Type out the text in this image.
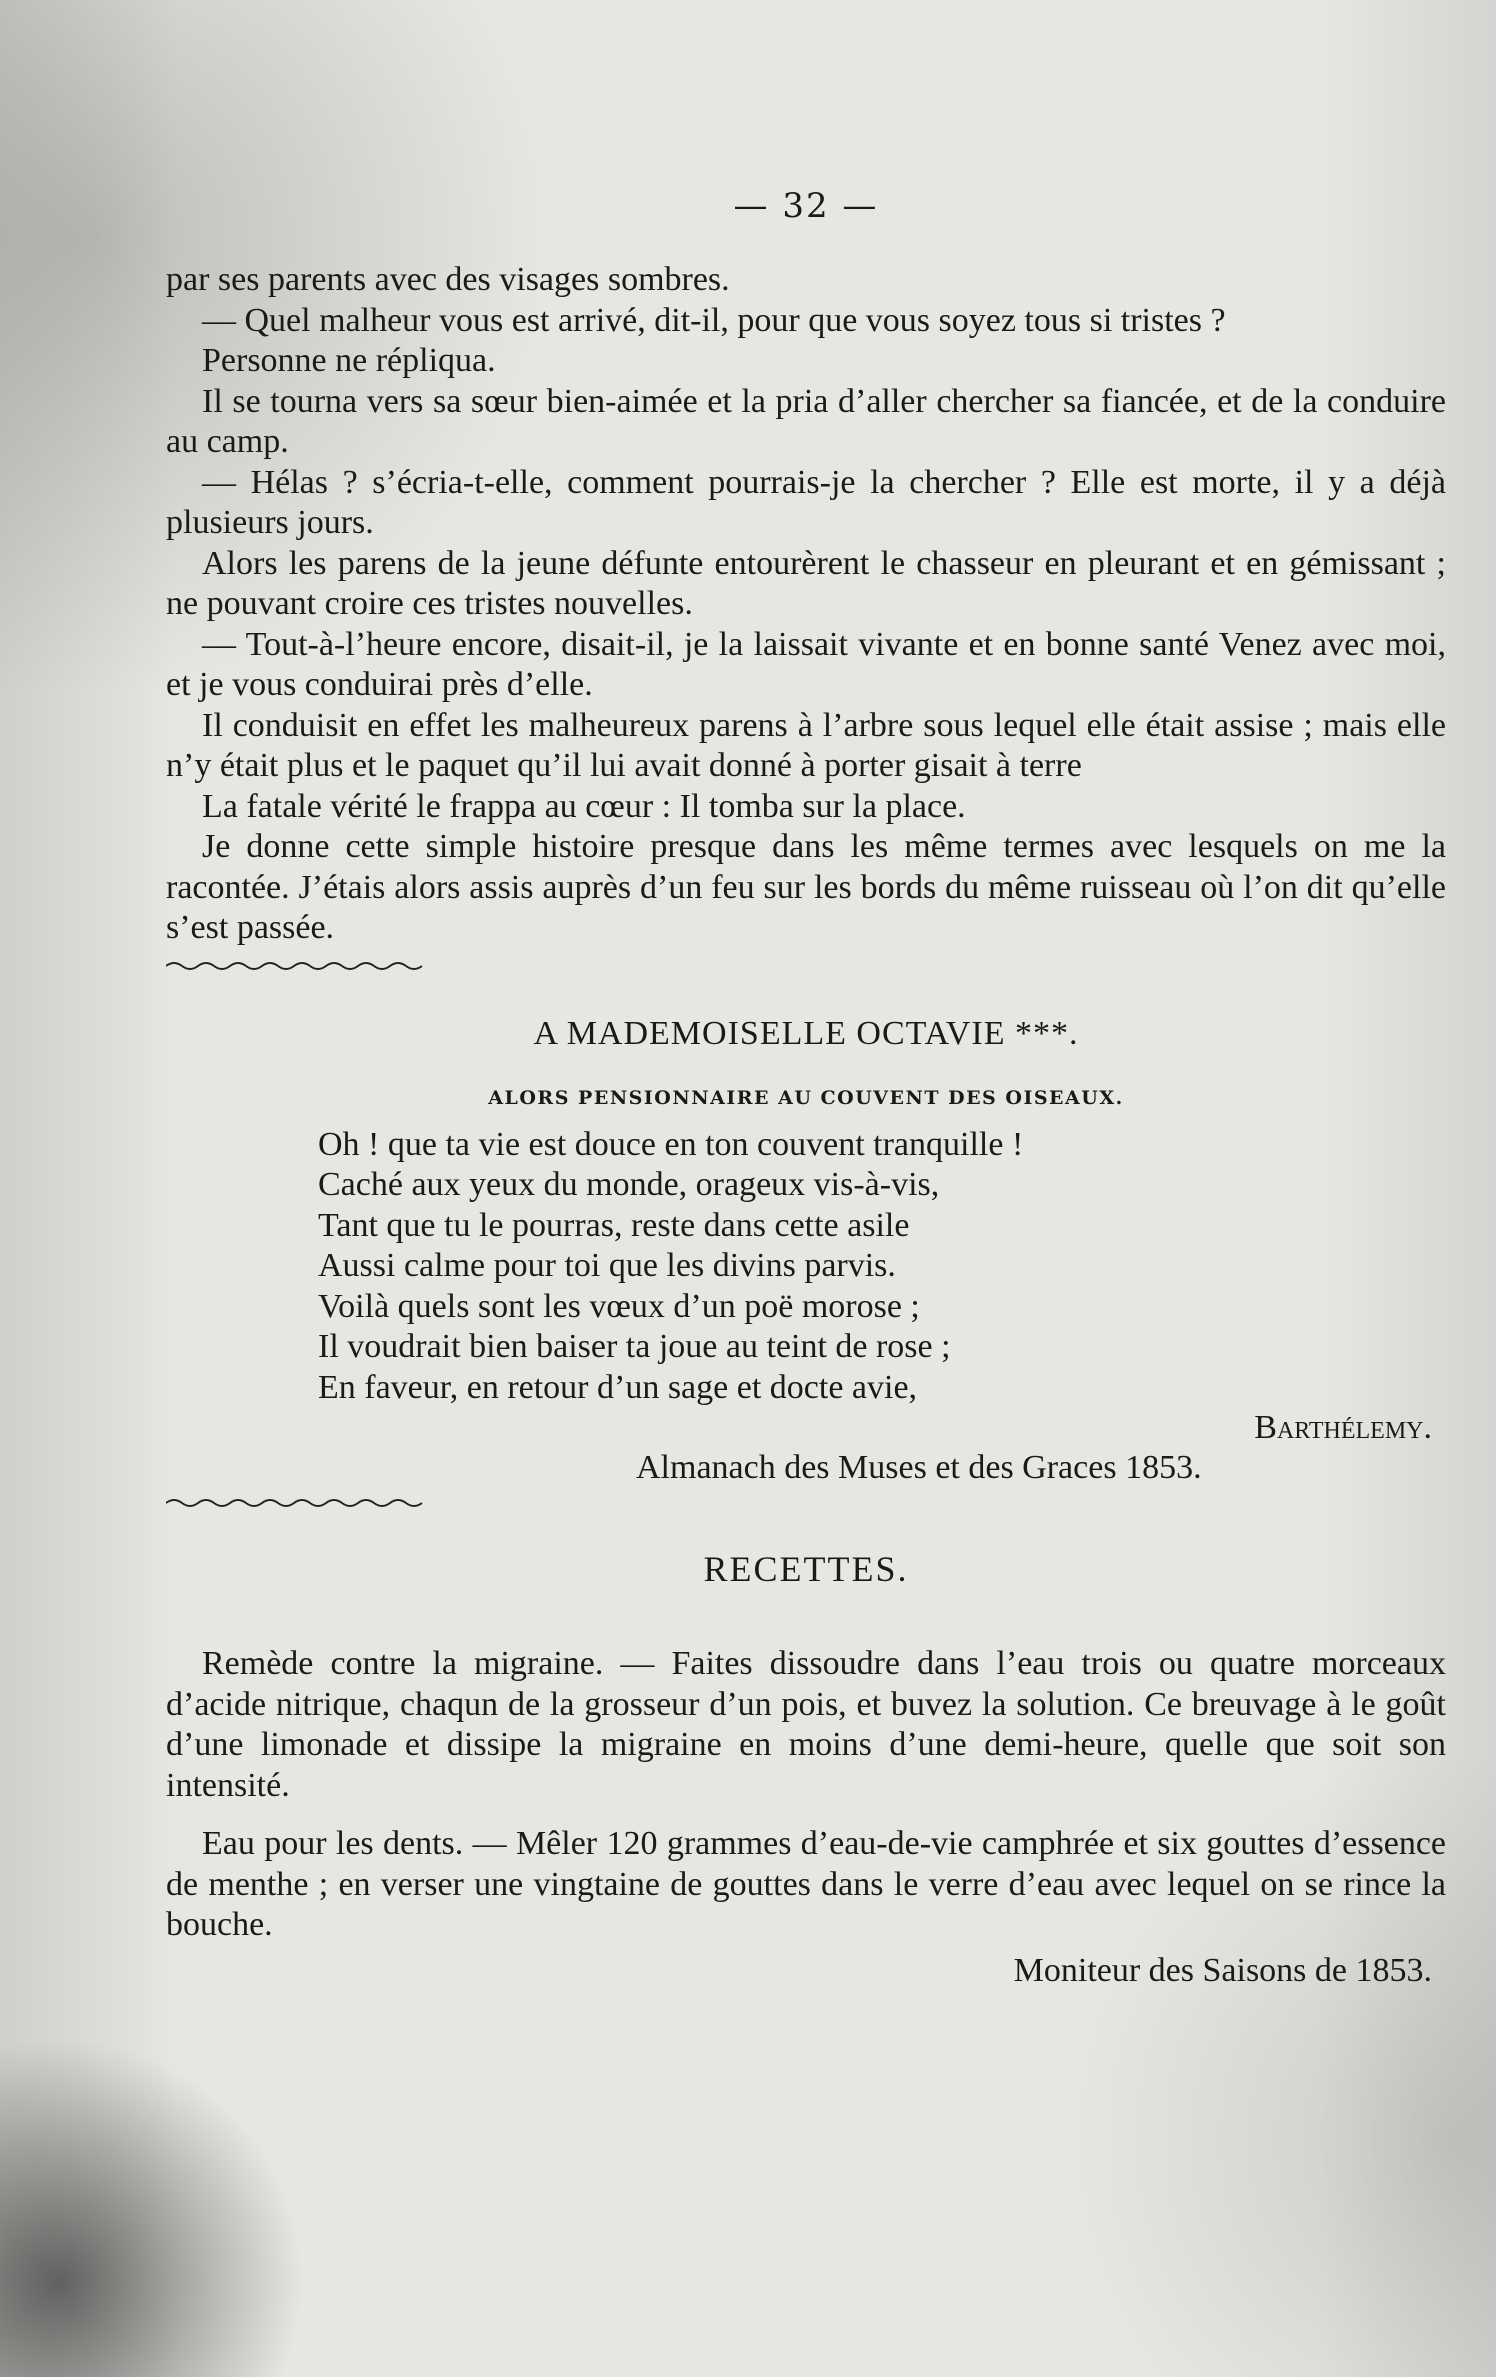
— 32 —

par ses parents avec des visages sombres.

— Quel malheur vous est arrivé, dit-il, pour que vous soyez tous si tristes ?

Personne ne répliqua.

Il se tourna vers sa sœur bien-aimée et la pria d’aller chercher sa fiancée, et de la conduire au camp.

— Hélas ? s’écria-t-elle, comment pourrais-je la chercher ? Elle est morte, il y a déjà plusieurs jours.

Alors les parens de la jeune défunte entourèrent le chasseur en pleurant et en gémissant ; ne pouvant croire ces tristes nouvelles.

— Tout-à-l’heure encore, disait-il, je la laissait vivante et en bonne santé Venez avec moi, et je vous conduirai près d’elle.

Il conduisit en effet les malheureux parens à l’arbre sous lequel elle était assise ; mais elle n’y était plus et le paquet qu’il lui avait donné à porter gisait à terre

La fatale vérité le frappa au cœur : Il tomba sur la place.

Je donne cette simple histoire presque dans les même termes avec lesquels on me la racontée. J’étais alors assis auprès d’un feu sur les bords du même ruisseau où l’on dit qu’elle s’est passée.

A MADEMOISELLE OCTAVIE ***.
ALORS PENSIONNAIRE AU COUVENT DES OISEAUX.

Oh ! que ta vie est douce en ton couvent tranquille !

Caché aux yeux du monde, orageux vis-à-vis,

Tant que tu le pourras, reste dans cette asile

Aussi calme pour toi que les divins parvis.

Voilà quels sont les vœux d’un poë morose ;

Il voudrait bien baiser ta joue au teint de rose ;

En faveur, en retour d’un sage et docte avie,

Barthélemy.
Almanach des Muses et des Graces 1853.
RECETTES.

Remède contre la migraine. — Faites dissoudre dans l’eau trois ou quatre morceaux d’acide nitrique, chaqun de la grosseur d’un pois, et buvez la solution. Ce breuvage à le goût d’une limonade et dissipe la migraine en moins d’une demi-heure, quelle que soit son intensité.

Eau pour les dents. — Mêler 120 grammes d’eau-de-vie camphrée et six gouttes d’essence de menthe ; en verser une vingtaine de gouttes dans le verre d’eau avec lequel on se rince la bouche.

Moniteur des Saisons de 1853.
